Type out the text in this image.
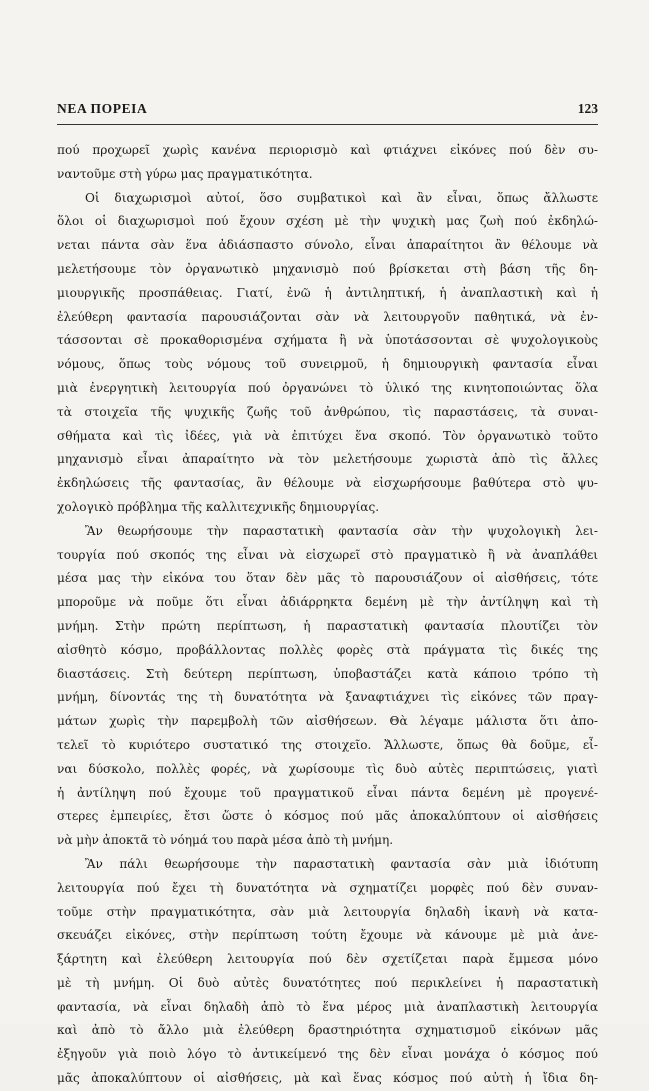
ΝΕΑ ΠΟΡΕΙΑ	123
πού προχωρεῖ χωρὶς κανένα περιορισμὸ καὶ φτιάχνει εἰκόνες πού δὲν συ-
ναντοῦμε στὴ γύρω μας πραγματικότητα.
Οἱ διαχωρισμοὶ αὐτοί, ὅσο συμβατικοὶ καὶ ἂν εἶναι, ὅπως ἄλλωστε
ὅλοι οἱ διαχωρισμοὶ πού ἔχουν σχέση μὲ τὴν ψυχικὴ μας ζωὴ πού ἐκδηλώ-
νεται πάντα σὰν ἕνα ἀδιάσπαστο σύνολο, εἶναι ἀπαραίτητοι ἂν θέλουμε νὰ
μελετήσουμε τὸν ὀργανωτικὸ μηχανισμὸ πού βρίσκεται στὴ βάση τῆς δη-
μιουργικῆς προσπάθειας. Γιατί, ἐνῶ ἡ ἀντιληπτική, ἡ ἀναπλαστικὴ καὶ ἡ
ἐλεύθερη φαντασία παρουσιάζονται σὰν νὰ λειτουργοῦν παθητικά, νὰ ἐν-
τάσσονται σὲ προκαθορισμένα σχήματα ἢ νὰ ὑποτάσσονται σὲ ψυχολογικοὺς
νόμους, ὅπως τοὺς νόμους τοῦ συνειρμοῦ, ἡ δημιουργικὴ φαντασία εἶναι
μιὰ ἐνεργητικὴ λειτουργία πού ὀργανώνει τὸ ὑλικό της κινητοποιώντας ὅλα
τὰ στοιχεῖα τῆς ψυχικῆς ζωῆς τοῦ ἀνθρώπου, τὶς παραστάσεις, τὰ συναι-
σθήματα καὶ τὶς ἰδέες, γιὰ νὰ ἐπιτύχει ἕνα σκοπό. Τὸν ὀργανωτικὸ τοῦτο
μηχανισμὸ εἶναι ἀπαραίτητο νὰ τὸν μελετήσουμε χωριστὰ ἀπὸ τὶς ἄλλες
ἐκδηλώσεις τῆς φαντασίας, ἂν θέλουμε νὰ εἰσχωρήσουμε βαθύτερα στὸ ψυ-
χολογικὸ πρόβλημα τῆς καλλιτεχνικῆς δημιουργίας.
Ἂν θεωρήσουμε τὴν παραστατικὴ φαντασία σὰν τὴν ψυχολογικὴ λει-
τουργία πού σκοπός της εἶναι νὰ εἰσχωρεῖ στὸ πραγματικὸ ἢ νὰ ἀναπλάθει
μέσα μας τὴν εἰκόνα του ὅταν δὲν μᾶς τὸ παρουσιάζουν οἱ αἰσθήσεις, τότε
μποροῦμε νὰ ποῦμε ὅτι εἶναι ἀδιάρρηκτα δεμένη μὲ τὴν ἀντίληψη καὶ τὴ
μνήμη. Στὴν πρώτη περίπτωση, ἡ παραστατικὴ φαντασία πλουτίζει τὸν
αἰσθητὸ κόσμο, προβάλλοντας πολλὲς φορὲς στὰ πράγματα τὶς δικές της
διαστάσεις. Στὴ δεύτερη περίπτωση, ὑποβαστάζει κατὰ κάποιο τρόπο τὴ
μνήμη, δίνοντάς της τὴ δυνατότητα νὰ ξαναφτιάχνει τὶς εἰκόνες τῶν πραγ-
μάτων χωρὶς τὴν παρεμβολὴ τῶν αἰσθήσεων. Θὰ λέγαμε μάλιστα ὅτι ἀπο-
τελεῖ τὸ κυριότερο συστατικό της στοιχεῖο. Ἄλλωστε, ὅπως θὰ δοῦμε, εἶ-
ναι δύσκολο, πολλὲς φορές, νὰ χωρίσουμε τὶς δυὸ αὐτὲς περιπτώσεις, γιατὶ
ἡ ἀντίληψη πού ἔχουμε τοῦ πραγματικοῦ εἶναι πάντα δεμένη μὲ προγενέ-
στερες ἐμπειρίες, ἔτσι ὥστε ὁ κόσμος πού μᾶς ἀποκαλύπτουν οἱ αἰσθήσεις
νὰ μὴν ἀποκτᾶ τὸ νόημά του παρὰ μέσα ἀπὸ τὴ μνήμη.
Ἂν πάλι θεωρήσουμε τὴν παραστατικὴ φαντασία σὰν μιὰ ἰδιότυπη
λειτουργία πού ἔχει τὴ δυνατότητα νὰ σχηματίζει μορφὲς πού δὲν συναν-
τοῦμε στὴν πραγματικότητα, σὰν μιὰ λειτουργία δηλαδὴ ἱκανὴ νὰ κατα-
σκευάζει εἰκόνες, στὴν περίπτωση τούτη ἔχουμε νὰ κάνουμε μὲ μιὰ ἀνε-
ξάρτητη καὶ ἐλεύθερη λειτουργία πού δὲν σχετίζεται παρὰ ἔμμεσα μόνο
μὲ τὴ μνήμη. Οἱ δυὸ αὐτὲς δυνατότητες πού περικλείνει ἡ παραστατικὴ
φαντασία, νὰ εἶναι δηλαδὴ ἀπὸ τὸ ἕνα μέρος μιὰ ἀναπλαστικὴ λειτουργία
καὶ ἀπὸ τὸ ἄλλο μιὰ ἐλεύθερη δραστηριότητα σχηματισμοῦ εἰκόνων μᾶς
ἐξηγοῦν γιὰ ποιὸ λόγο τὸ ἀντικείμενό της δὲν εἶναι μονάχα ὁ κόσμος πού
μᾶς ἀποκαλύπτουν οἱ αἰσθήσεις, μὰ καὶ ἕνας κόσμος πού αὐτὴ ἡ ἴδια δη-
